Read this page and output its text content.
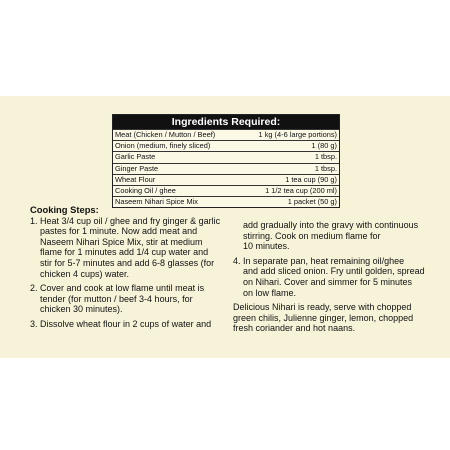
Ingredients Required:
Meat (Chicken / Mutton / Beef)	1 kg (4-6 large portions)
Onion (medium, finely sliced)	1 (80 g)
Garlic Paste	1 tbsp.
Ginger Paste	1 tbsp.
Wheat Flour	1 tea cup (90 g)
Cooking Oil / ghee	1 1/2 tea cup (200 ml)
Naseem Nihari Spice Mix	1 packet (50 g)
Cooking Steps:
1. Heat 3/4 cup oil / ghee and fry ginger & garlic
pastes for 1 minute. Now add meat and
Naseem Nihari Spice Mix, stir at medium
flame for 1 minutes add 1/4 cup water and
stir for 5-7 minutes and add 6-8 glasses (for
chicken 4 cups) water.
2. Cover and cook at low flame until meat is
tender (for mutton / beef 3-4 hours, for
chicken 30 minutes).
3. Dissolve wheat flour in 2 cups of water and
add gradually into the gravy with continuous
stirring. Cook on medium flame for
10 minutes.
4. In separate pan, heat remaining oil/ghee
and add sliced onion. Fry until golden, spread
on Nihari. Cover and simmer for 5 minutes
on low flame.
Delicious Nihari is ready, serve with chopped
green chilis, Julienne ginger, lemon, chopped
fresh coriander and hot naans.
